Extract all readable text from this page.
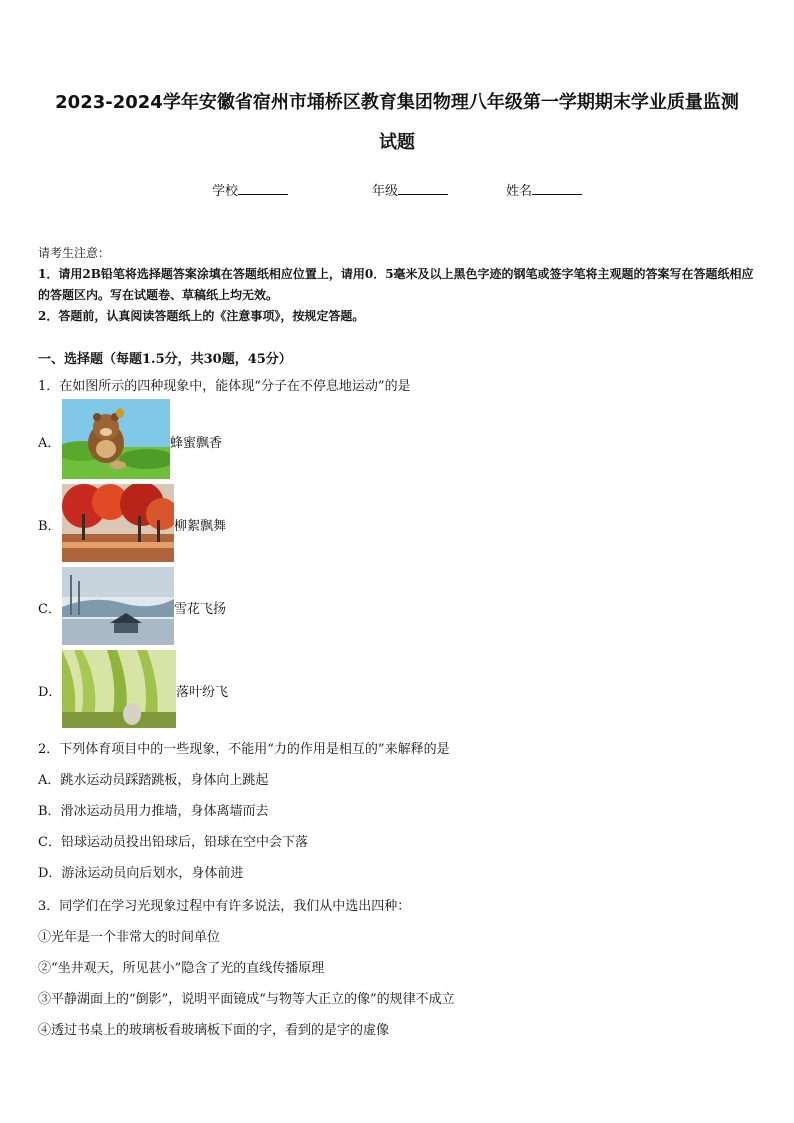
2023-2024学年安徽省宿州市埇桥区教育集团物理八年级第一学期期末学业质量监测
试题
学校	年级	姓名
请考生注意：
1．请用2B铅笔将选择题答案涂填在答题纸相应位置上，请用0．5毫米及以上黑色字迹的钢笔或签字笔将主观题的答案写在答题纸相应的答题区内。写在试题卷、草稿纸上均无效。
2．答题前，认真阅读答题纸上的《注意事项》，按规定答题。
一、选择题（每题1.5分，共30题，45分）
1．在如图所示的四种现象中，能体现“分子在不停息地运动”的是
A．	蜂蜜飘香
B．	柳絮飘舞
C．	雪花飞扬
D．	落叶纷飞
2．下列体育项目中的一些现象，不能用“力的作用是相互的”来解释的是
A．跳水运动员踩踏跳板，身体向上跳起
B．滑冰运动员用力推墙，身体离墙而去
C．铅球运动员投出铅球后，铅球在空中会下落
D．游泳运动员向后划水，身体前进
3．同学们在学习光现象过程中有许多说法，我们从中选出四种：
①光年是一个非常大的时间单位
②“坐井观天，所见甚小”隐含了光的直线传播原理
③平静湖面上的“倒影”，说明平面镜成“与物等大正立的像”的规律不成立
④透过书桌上的玻璃板看玻璃板下面的字，看到的是字的虚像
